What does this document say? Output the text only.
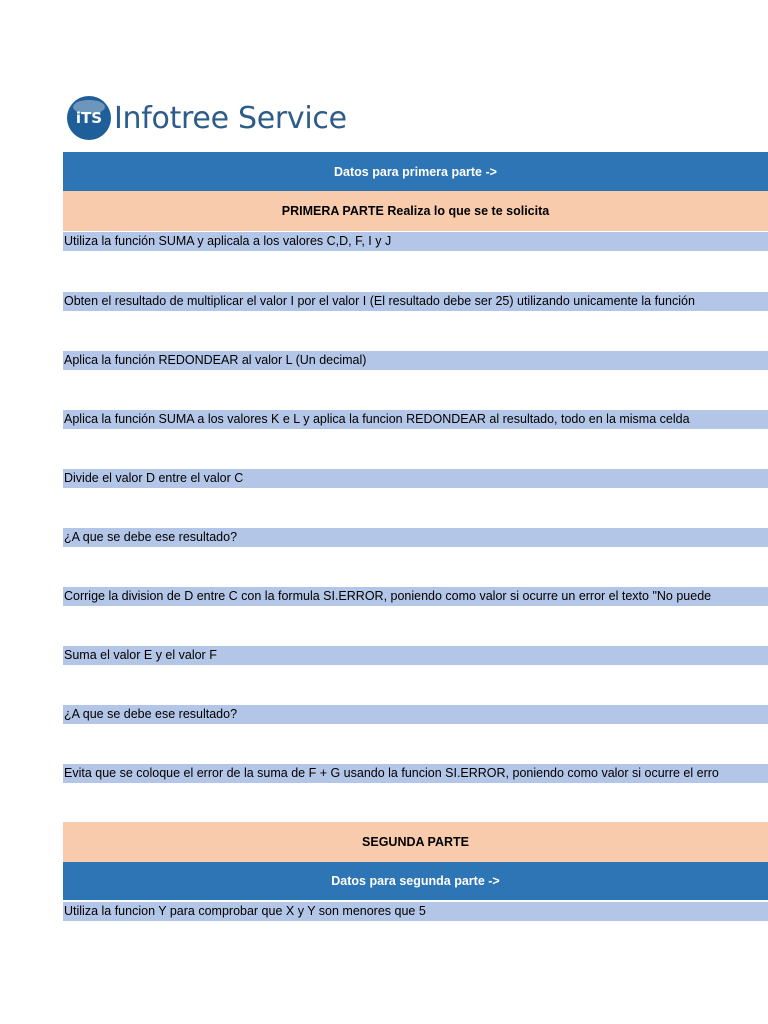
iTS Infotree Service
Datos para primera parte ->
PRIMERA PARTE Realiza lo que se te solicita
Utiliza la función SUMA y aplicala a los valores C,D, F, I y J
Obten el resultado de multiplicar el valor I por el valor I (El resultado debe ser 25) utilizando unicamente la función
Aplica la función REDONDEAR al valor L (Un decimal)
Aplica la función SUMA a los valores K e L y aplica la funcion REDONDEAR al resultado, todo en la misma celda
Divide el valor D entre el valor C
¿A que se debe ese resultado?
Corrige la division de D entre C con la formula SI.ERROR, poniendo como valor si ocurre un error el texto "No puede
Suma el valor E y el valor F
¿A que se debe ese resultado?
Evita que se coloque el error de la suma de F + G usando la funcion SI.ERROR, poniendo como valor si ocurre el erro
SEGUNDA PARTE
Datos para segunda parte ->
Utiliza la funcion Y para comprobar que X y Y son menores que 5
